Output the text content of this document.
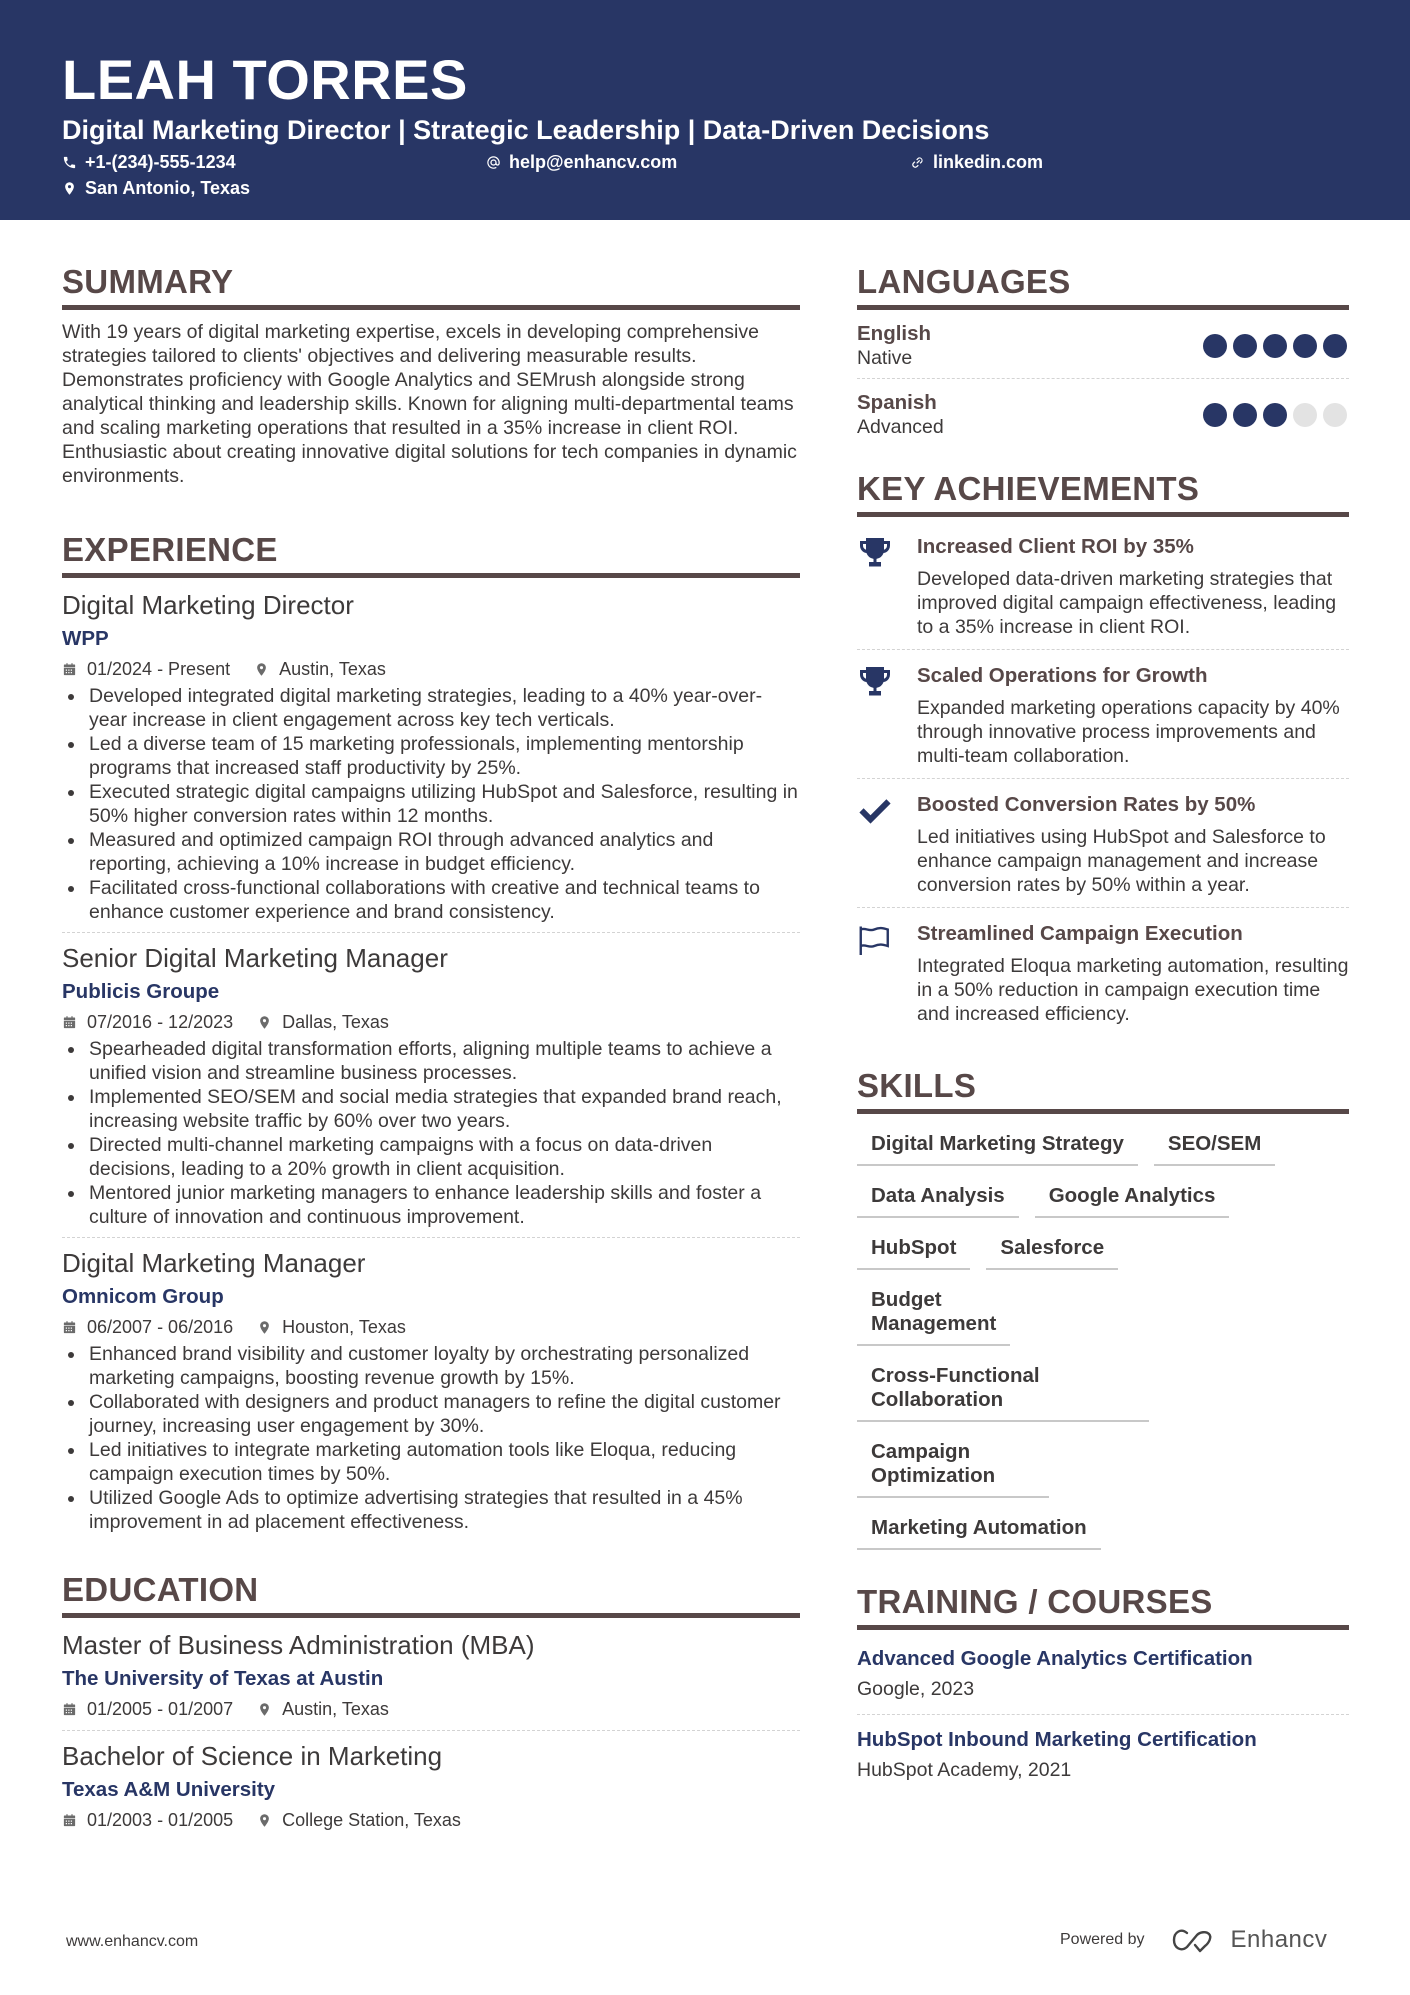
LEAH TORRES
Digital Marketing Director | Strategic Leadership | Data-Driven Decisions
+1-(234)-555-1234	help@enhancv.com	linkedin.com
San Antonio, Texas
SUMMARY

With 19 years of digital marketing expertise, excels in developing comprehensive strategies tailored to clients' objectives and delivering measurable results. Demonstrates proficiency with Google Analytics and SEMrush alongside strong analytical thinking and leadership skills. Known for aligning multi-departmental teams and scaling marketing operations that resulted in a 35% increase in client ROI. Enthusiastic about creating innovative digital solutions for tech companies in dynamic environments.

EXPERIENCE
Digital Marketing Director
WPP
01/2024 - Present	Austin, Texas
Developed integrated digital marketing strategies, leading to a 40% year-over-year increase in client engagement across key tech verticals.
Led a diverse team of 15 marketing professionals, implementing mentorship programs that increased staff productivity by 25%.
Executed strategic digital campaigns utilizing HubSpot and Salesforce, resulting in 50% higher conversion rates within 12 months.
Measured and optimized campaign ROI through advanced analytics and reporting, achieving a 10% increase in budget efficiency.
Facilitated cross-functional collaborations with creative and technical teams to enhance customer experience and brand consistency.
Senior Digital Marketing Manager
Publicis Groupe
07/2016 - 12/2023	Dallas, Texas
Spearheaded digital transformation efforts, aligning multiple teams to achieve a unified vision and streamline business processes.
Implemented SEO/SEM and social media strategies that expanded brand reach, increasing website traffic by 60% over two years.
Directed multi-channel marketing campaigns with a focus on data-driven decisions, leading to a 20% growth in client acquisition.
Mentored junior marketing managers to enhance leadership skills and foster a culture of innovation and continuous improvement.
Digital Marketing Manager
Omnicom Group
06/2007 - 06/2016	Houston, Texas
Enhanced brand visibility and customer loyalty by orchestrating personalized marketing campaigns, boosting revenue growth by 15%.
Collaborated with designers and product managers to refine the digital customer journey, increasing user engagement by 30%.
Led initiatives to integrate marketing automation tools like Eloqua, reducing campaign execution times by 50%.
Utilized Google Ads to optimize advertising strategies that resulted in a 45% improvement in ad placement effectiveness.
EDUCATION
Master of Business Administration (MBA)
The University of Texas at Austin
01/2005 - 01/2007	Austin, Texas
Bachelor of Science in Marketing
Texas A&M University
01/2003 - 01/2005	College Station, Texas
LANGUAGES
English
Native
Spanish
Advanced
KEY ACHIEVEMENTS
Increased Client ROI by 35%
Developed data-driven marketing strategies that improved digital campaign effectiveness, leading to a 35% increase in client ROI.
Scaled Operations for Growth
Expanded marketing operations capacity by 40% through innovative process improvements and multi-team collaboration.
Boosted Conversion Rates by 50%
Led initiatives using HubSpot and Salesforce to enhance campaign management and increase conversion rates by 50% within a year.
Streamlined Campaign Execution
Integrated Eloqua marketing automation, resulting in a 50% reduction in campaign execution time and increased efficiency.
SKILLS
Digital Marketing Strategy	SEO/SEM
Data Analysis	Google Analytics
HubSpot	Salesforce
Budget Management
Cross-Functional Collaboration
Campaign Optimization
Marketing Automation
TRAINING / COURSES
Advanced Google Analytics Certification
Google, 2023
HubSpot Inbound Marketing Certification
HubSpot Academy, 2021
www.enhancv.com	Powered by	Enhancv
